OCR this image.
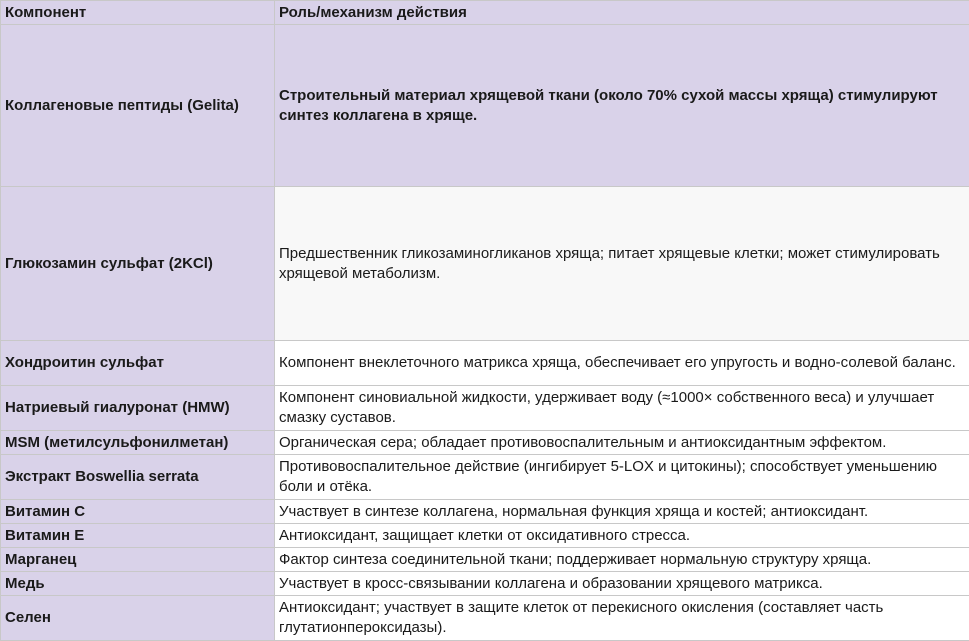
Компонент	Роль/механизм действия
Коллагеновые пептиды (Gelita)	Строительный материал хрящевой ткани (около 70% сухой массы хряща) стимулируют синтез коллагена в хряще.
Глюкозамин сульфат (2KCl)	Предшественник гликозаминогликанов хряща; питает хрящевые клетки; может стимулировать хрящевой метаболизм.
Хондроитин сульфат	Компонент внеклеточного матрикса хряща, обеспечивает его упругость и водно-солевой баланс.
Натриевый гиалуронат (HMW)	Компонент синовиальной жидкости, удерживает воду (≈1000× собственного веса) и улучшает смазку суставов.
MSM (метилсульфонилметан)	Органическая сера; обладает противовоспалительным и антиоксидантным эффектом.
Экстракт Boswellia serrata	Противовоспалительное действие (ингибирует 5-LOX и цитокины); способствует уменьшению боли и отёка.
Витамин C	Участвует в синтезе коллагена, нормальная функция хряща и костей; антиоксидант.
Витамин E	Антиоксидант, защищает клетки от оксидативного стресса.
Марганец	Фактор синтеза соединительной ткани; поддерживает нормальную структуру хряща.
Медь	Участвует в кросс-связывании коллагена и образовании хрящевого матрикса.
Селен	Антиоксидант; участвует в защите клеток от перекисного окисления (составляет часть глутатионпероксидазы).
